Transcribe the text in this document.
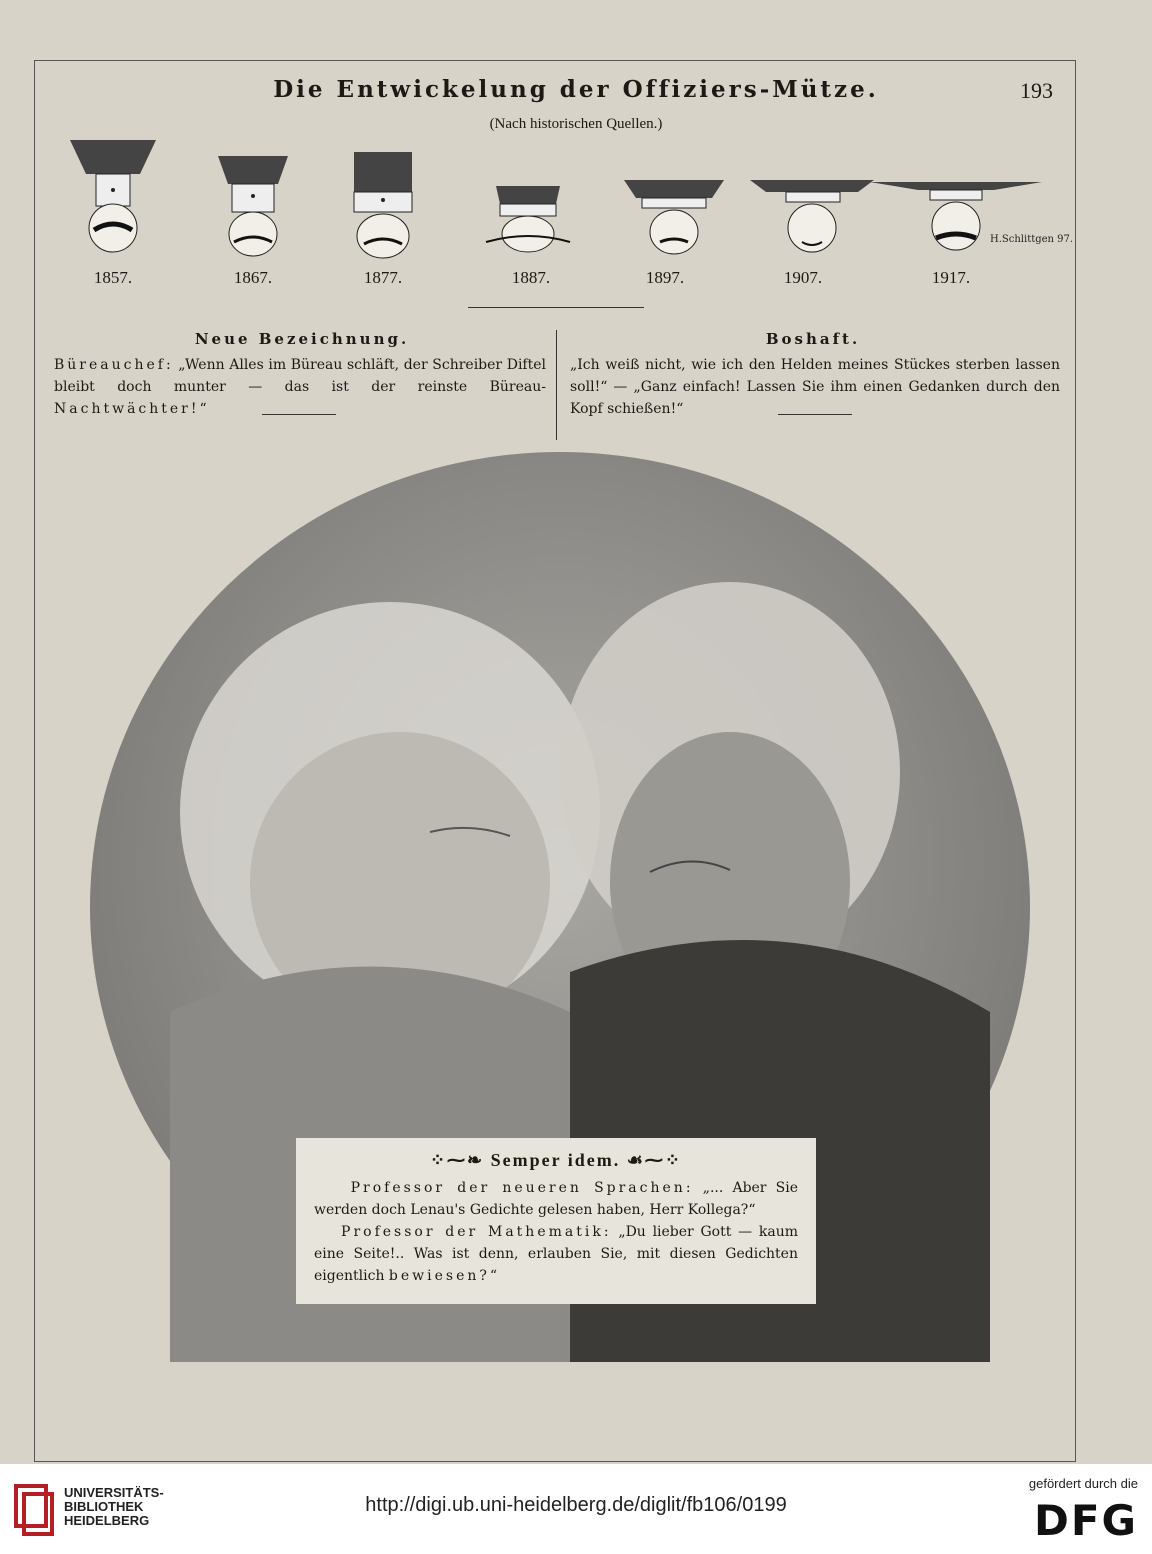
Die Entwickelung der Offiziers-Mütze.	193
(Nach historischen Quellen.)
1857.	1867.	1877.	1887.	1897.	1907.
H.Schlittgen 97.
1917.
Neue Bezeichnung.
Büreauchef: „Wenn Alles im Büreau schläft, der Schreiber Diftel bleibt doch munter — das ist der reinste Büreau- Nachtwächter!“
Boshaft.
„Ich weiß nicht, wie ich den Helden meines Stückes sterben lassen soll!“ — „Ganz einfach! Lassen Sie ihm einen Gedanken durch den Kopf schießen!“
⁘⁓❧ Semper idem. ☙⁓⁘
Professor der neueren Sprachen: „... Aber Sie werden doch Lenau's Gedichte gelesen haben, Herr Kollega?“
Professor der Mathematik: „Du lieber Gott — kaum eine Seite!.. Was ist denn, erlauben Sie, mit diesen Gedichten eigentlich bewiesen?“
UNIVERSITÄTS-
BIBLIOTHEK
HEIDELBERG
http://digi.ub.uni-heidelberg.de/diglit/fb106/0199
gefördert durch die
DFG
